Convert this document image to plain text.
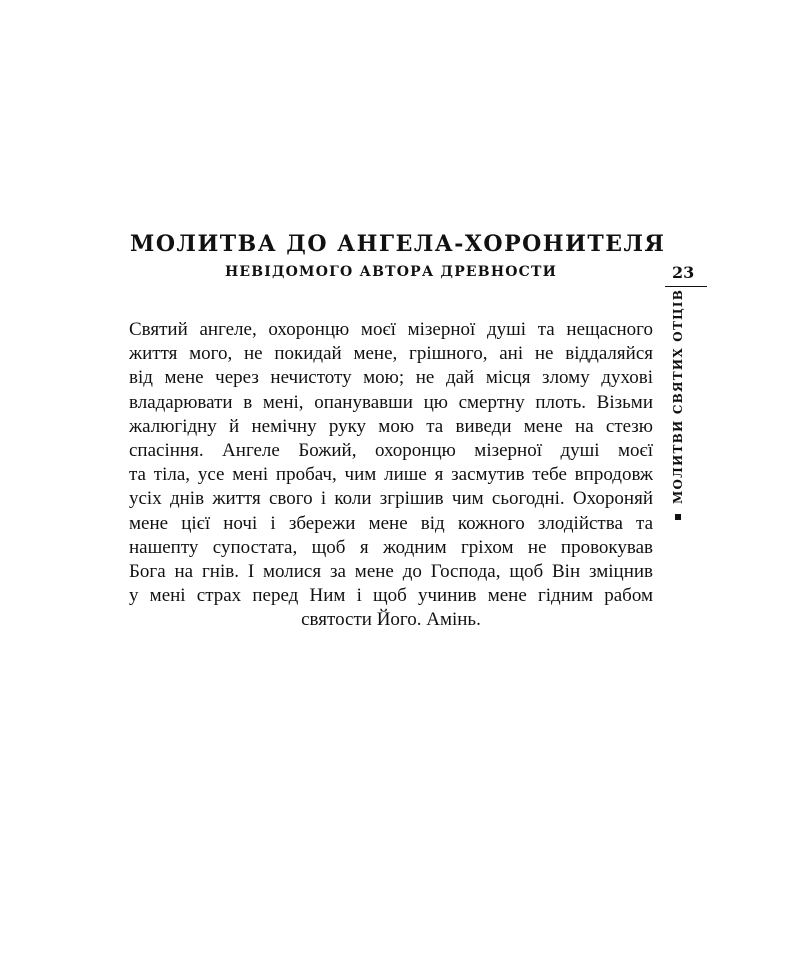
МОЛИТВА ДО АНГЕЛА-ХОРОНИТЕЛЯ
НЕВІДОМОГО АВТОРА ДРЕВНОСТИ
Святий ангеле, охоронцю моєї мізерної душі та нещасного
життя мого, не покидай мене, грішного, ані не віддаляйся
від мене через нечистоту мою; не дай місця злому духові
владарювати в мені, опанувавши цю смертну плоть. Візьми
жалюгідну й немічну руку мою та виведи мене на стезю
спасіння. Ангеле Божий, охоронцю мізерної душі моєї
та тіла, усе мені пробач, чим лише я засмутив тебе впродовж
усіх днів життя свого і коли згрішив чим сьогодні. Охороняй
мене цієї ночі і збережи мене від кожного злодійства та
нашепту супостата, щоб я жодним гріхом не провокував
Бога на гнів. І молися за мене до Господа, щоб Він зміцнив
у мені страх перед Ним і щоб учинив мене гідним рабом
святости Його. Амінь.
23
МОЛИТВИ СВЯТИХ ОТЦІВ
